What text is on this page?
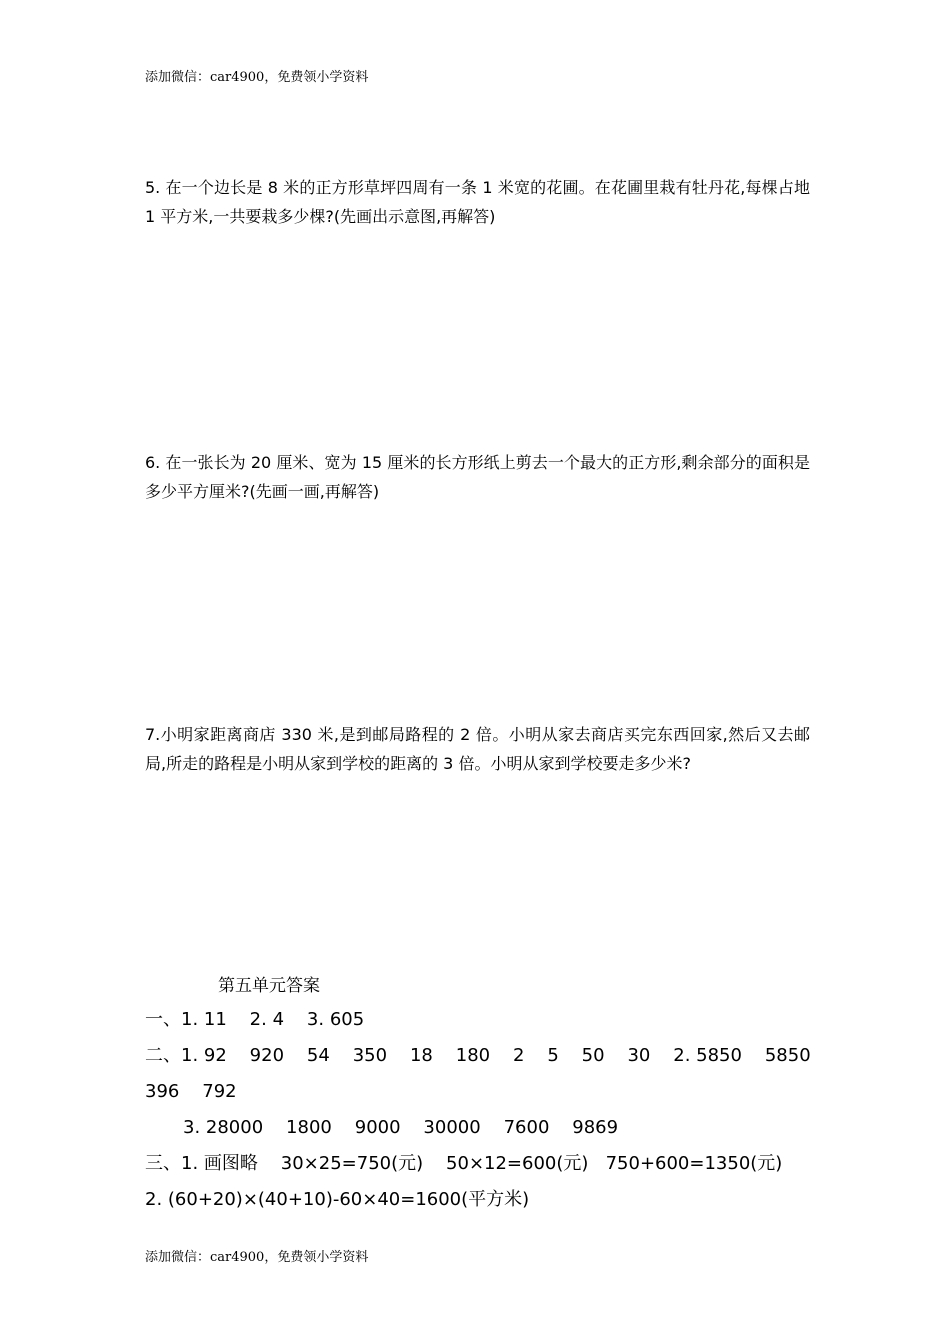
添加微信：car4900，免费领小学资料
5. 在一个边长是 8 米的正方形草坪四周有一条 1 米宽的花圃。在花圃里栽有牡丹花,每棵占地 1 平方米,一共要栽多少棵?(先画出示意图,再解答)
6. 在一张长为 20 厘米、宽为 15 厘米的长方形纸上剪去一个最大的正方形,剩余部分的面积是多少平方厘米?(先画一画,再解答)
7.小明家距离商店 330 米,是到邮局路程的 2 倍。小明从家去商店买完东西回家,然后又去邮局,所走的路程是小明从家到学校的距离的 3 倍。小明从家到学校要走多少米?
第五单元答案
一、1. 11    2. 4    3. 605
二、1. 92    920    54    350    18    180    2    5    50    30    2. 5850    5850
396    792
3. 28000    1800    9000    30000    7600    9869
三、1. 画图略    30×25=750(元)    50×12=600(元)   750+600=1350(元)
2. (60+20)×(40+10)-60×40=1600(平方米)
添加微信：car4900，免费领小学资料
